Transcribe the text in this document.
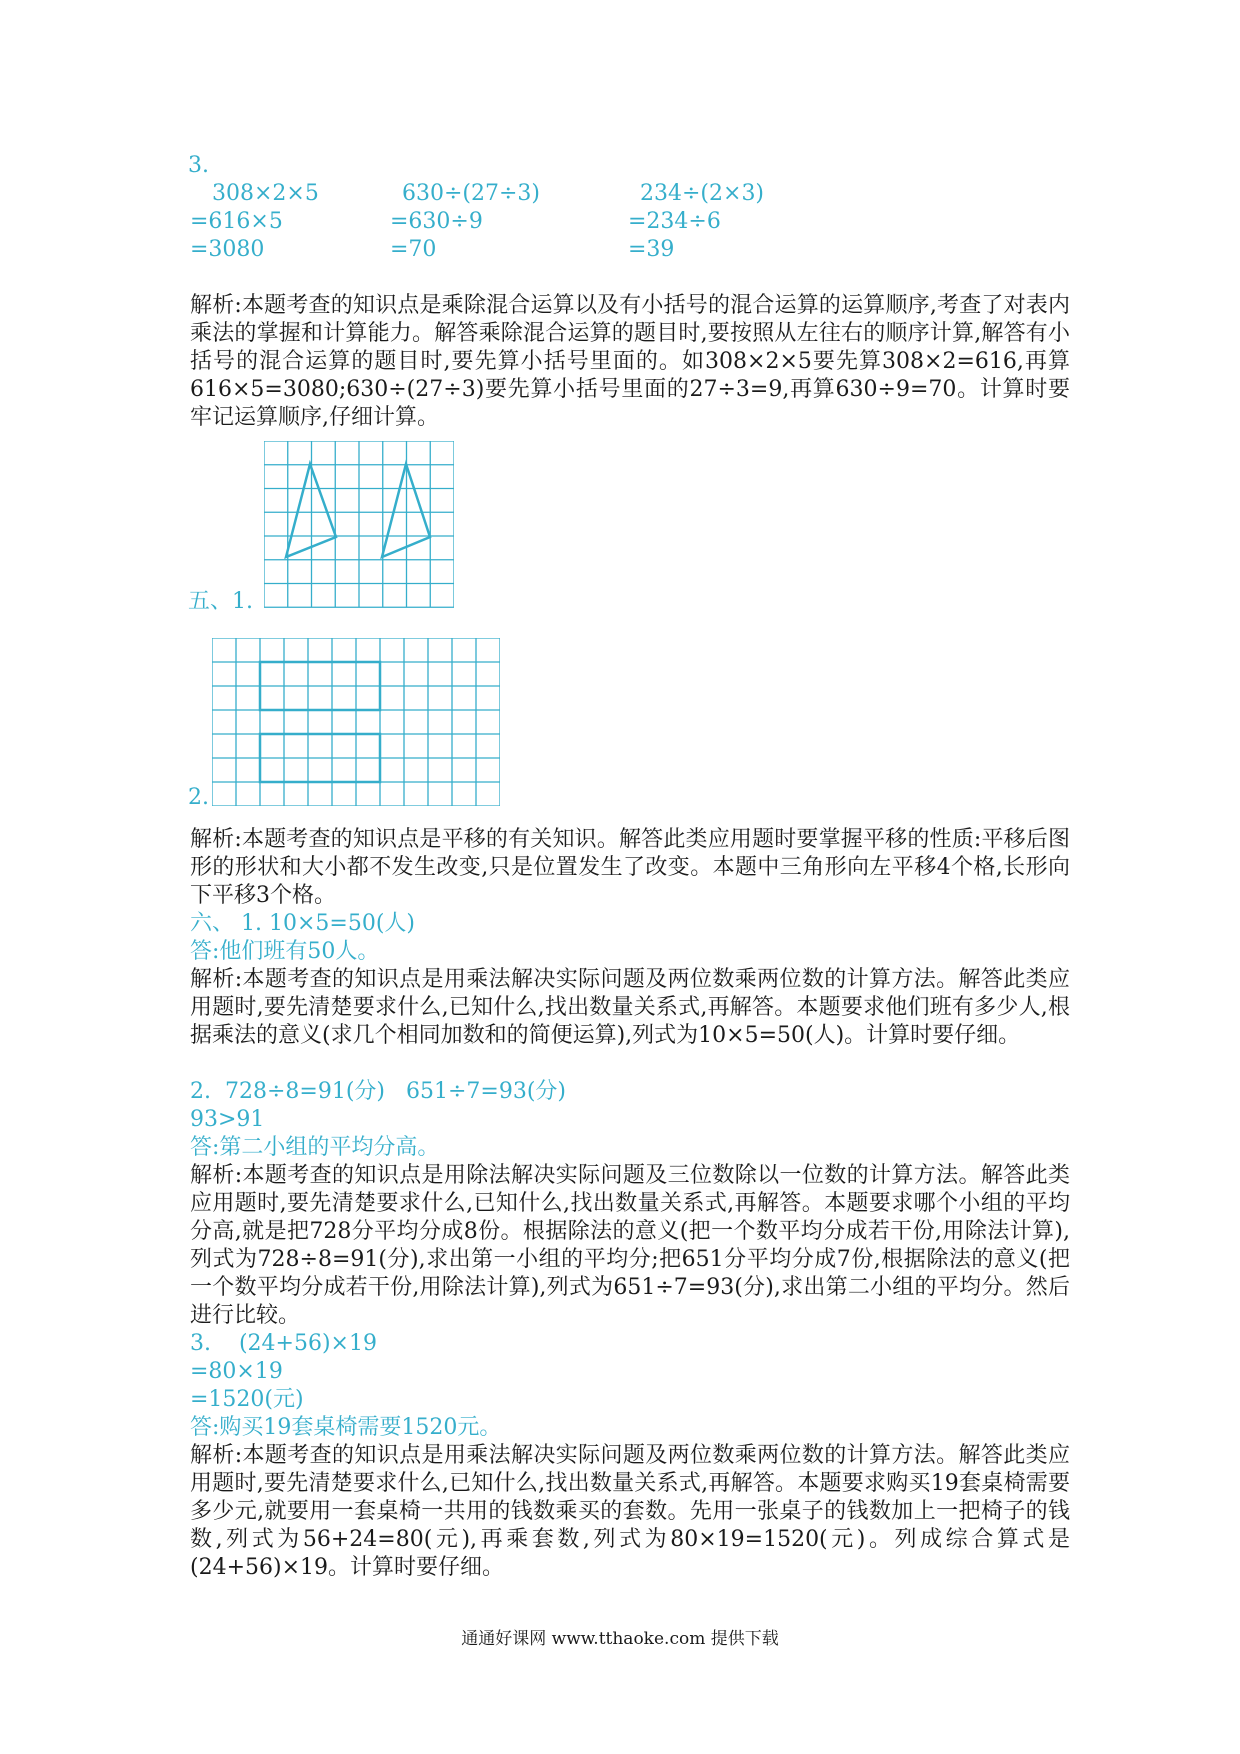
3.
308×2×5
=616×5
=3080
630÷(27÷3)
=630÷9
=70
234÷(2×3)
=234÷6
=39
解析:本题考查的知识点是乘除混合运算以及有小括号的混合运算的运算顺序,考查了对表内乘法的掌握和计算能力。解答乘除混合运算的题目时,要按照从左往右的顺序计算,解答有小括号的混合运算的题目时,要先算小括号里面的。如308×2×5要先算308×2=616,再算616×5=3080;630÷(27÷3)要先算小括号里面的27÷3=9,再算630÷9=70。计算时要牢记运算顺序,仔细计算。
五、1.
2.
解析:本题考查的知识点是平移的有关知识。解答此类应用题时要掌握平移的性质:平移后图形的形状和大小都不发生改变,只是位置发生了改变。本题中三角形向左平移4个格,长形向下平移3个格。
六、 1. 10×5=50(人)
答:他们班有50人。
解析:本题考查的知识点是用乘法解决实际问题及两位数乘两位数的计算方法。解答此类应用题时,要先清楚要求什么,已知什么,找出数量关系式,再解答。本题要求他们班有多少人,根据乘法的意义(求几个相同加数和的简便运算),列式为10×5=50(人)。计算时要仔细。
2.  728÷8=91(分)   651÷7=93(分)
93>91
答:第二小组的平均分高。
解析:本题考查的知识点是用除法解决实际问题及三位数除以一位数的计算方法。解答此类应用题时,要先清楚要求什么,已知什么,找出数量关系式,再解答。本题要求哪个小组的平均分高,就是把728分平均分成8份。根据除法的意义(把一个数平均分成若干份,用除法计算),列式为728÷8=91(分),求出第一小组的平均分;把651分平均分成7份,根据除法的意义(把一个数平均分成若干份,用除法计算),列式为651÷7=93(分),求出第二小组的平均分。然后进行比较。
3.    (24+56)×19
=80×19
=1520(元)
答:购买19套桌椅需要1520元。
解析:本题考查的知识点是用乘法解决实际问题及两位数乘两位数的计算方法。解答此类应用题时,要先清楚要求什么,已知什么,找出数量关系式,再解答。本题要求购买19套桌椅需要多少元,就要用一套桌椅一共用的钱数乘买的套数。先用一张桌子的钱数加上一把椅子的钱数,列式为56+24=80(元),再乘套数,列式为80×19=1520(元)。列成综合算式是(24+56)×19。计算时要仔细。
通通好课网 www.tthaoke.com 提供下载
